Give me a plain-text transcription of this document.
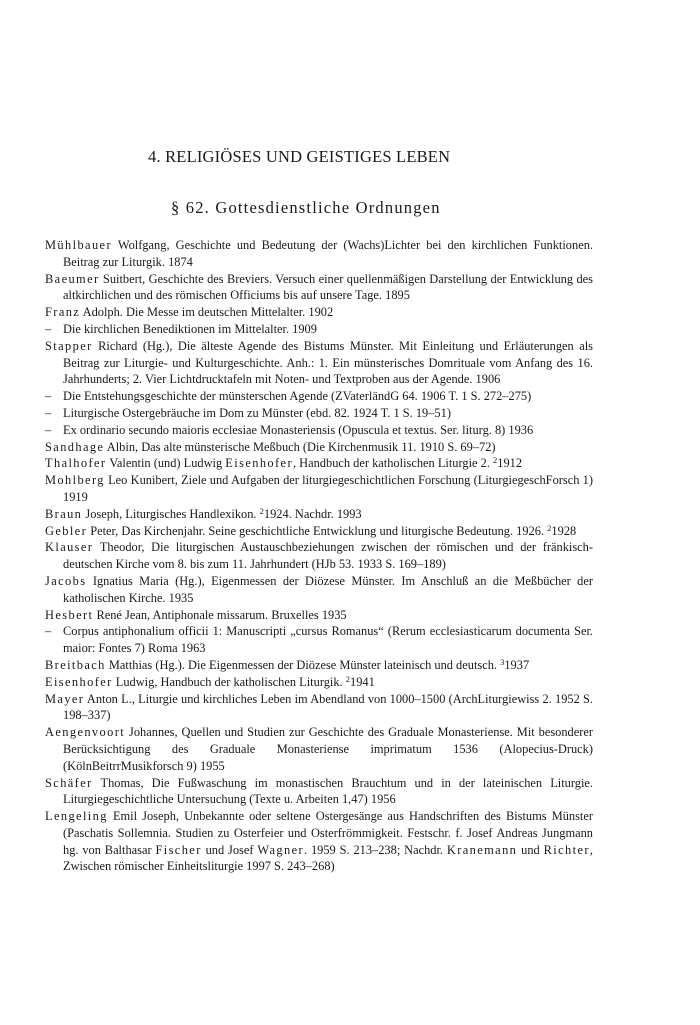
4. RELIGIÖSES UND GEISTIGES LEBEN
§ 62. Gottesdienstliche Ordnungen
Mühlbauer Wolfgang, Geschichte und Bedeutung der (Wachs)Lichter bei den kirchlichen Funktionen. Beitrag zur Liturgik. 1874
Baeumer Suitbert, Geschichte des Breviers. Versuch einer quellenmäßigen Darstellung der Entwicklung des altkirchlichen und des römischen Officiums bis auf unsere Tage. 1895
Franz Adolph. Die Messe im deutschen Mittelalter. 1902
– Die kirchlichen Benediktionen im Mittelalter. 1909
Stapper Richard (Hg.), Die älteste Agende des Bistums Münster. Mit Einleitung und Erläuterungen als Beitrag zur Liturgie- und Kulturgeschichte. Anh.: 1. Ein münsterisches Domrituale vom Anfang des 16. Jahrhunderts; 2. Vier Lichtdrucktafeln mit Noten- und Textproben aus der Agende. 1906
– Die Entstehungsgeschichte der münsterschen Agende (ZVaterländG 64. 1906 T. 1 S. 272–275)
– Liturgische Ostergebräuche im Dom zu Münster (ebd. 82. 1924 T. 1 S. 19–51)
– Ex ordinario secundo maioris ecclesiae Monasteriensis (Opuscula et textus. Ser. liturg. 8) 1936
Sandhage Albin, Das alte münsterische Meßbuch (Die Kirchenmusik 11. 1910 S. 69–72)
Thalhofer Valentin (und) Ludwig Eisenhofer, Handbuch der katholischen Liturgie 2. $^2$1912
Mohlberg Leo Kunibert, Ziele und Aufgaben der liturgiegeschichtlichen Forschung (LiturgiegeschForsch 1) 1919
Braun Joseph, Liturgisches Handlexikon. $^2$1924. Nachdr. 1993
Gebler Peter, Das Kirchenjahr. Seine geschichtliche Entwicklung und liturgische Bedeutung. 1926. $^2$1928
Klauser Theodor, Die liturgischen Austauschbeziehungen zwischen der römischen und der fränkisch-deutschen Kirche vom 8. bis zum 11. Jahrhundert (HJb 53. 1933 S. 169–189)
Jacobs Ignatius Maria (Hg.), Eigenmessen der Diözese Münster. Im Anschluß an die Meßbücher der katholischen Kirche. 1935
Hesbert René Jean, Antiphonale missarum. Bruxelles 1935
– Corpus antiphonalium officii 1: Manuscripti „cursus Romanus“ (Rerum ecclesiasticarum documenta Ser. maior: Fontes 7) Roma 1963
Breitbach Matthias (Hg.). Die Eigenmessen der Diözese Münster lateinisch und deutsch. $^3$1937
Eisenhofer Ludwig, Handbuch der katholischen Liturgik. $^2$1941
Mayer Anton L., Liturgie und kirchliches Leben im Abendland von 1000–1500 (ArchLiturgiewiss 2. 1952 S. 198–337)
Aengenvoort Johannes, Quellen und Studien zur Geschichte des Graduale Monasteriense. Mit besonderer Berücksichtigung des Graduale Monasteriense imprimatum 1536 (Alopecius-Druck) (KölnBeitrrMusikforsch 9) 1955
Schäfer Thomas, Die Fußwaschung im monastischen Brauchtum und in der lateinischen Liturgie. Liturgiegeschichtliche Untersuchung (Texte u. Arbeiten 1,47) 1956
Lengeling Emil Joseph, Unbekannte oder seltene Ostergesänge aus Handschriften des Bistums Münster (Paschatis Sollemnia. Studien zu Osterfeier und Osterfrömmigkeit. Festschr. f. Josef Andreas Jungmann hg. von Balthasar Fischer und Josef Wagner. 1959 S. 213–238; Nachdr. Kranemann und Richter, Zwischen römischer Einheitsliturgie 1997 S. 243–268)
